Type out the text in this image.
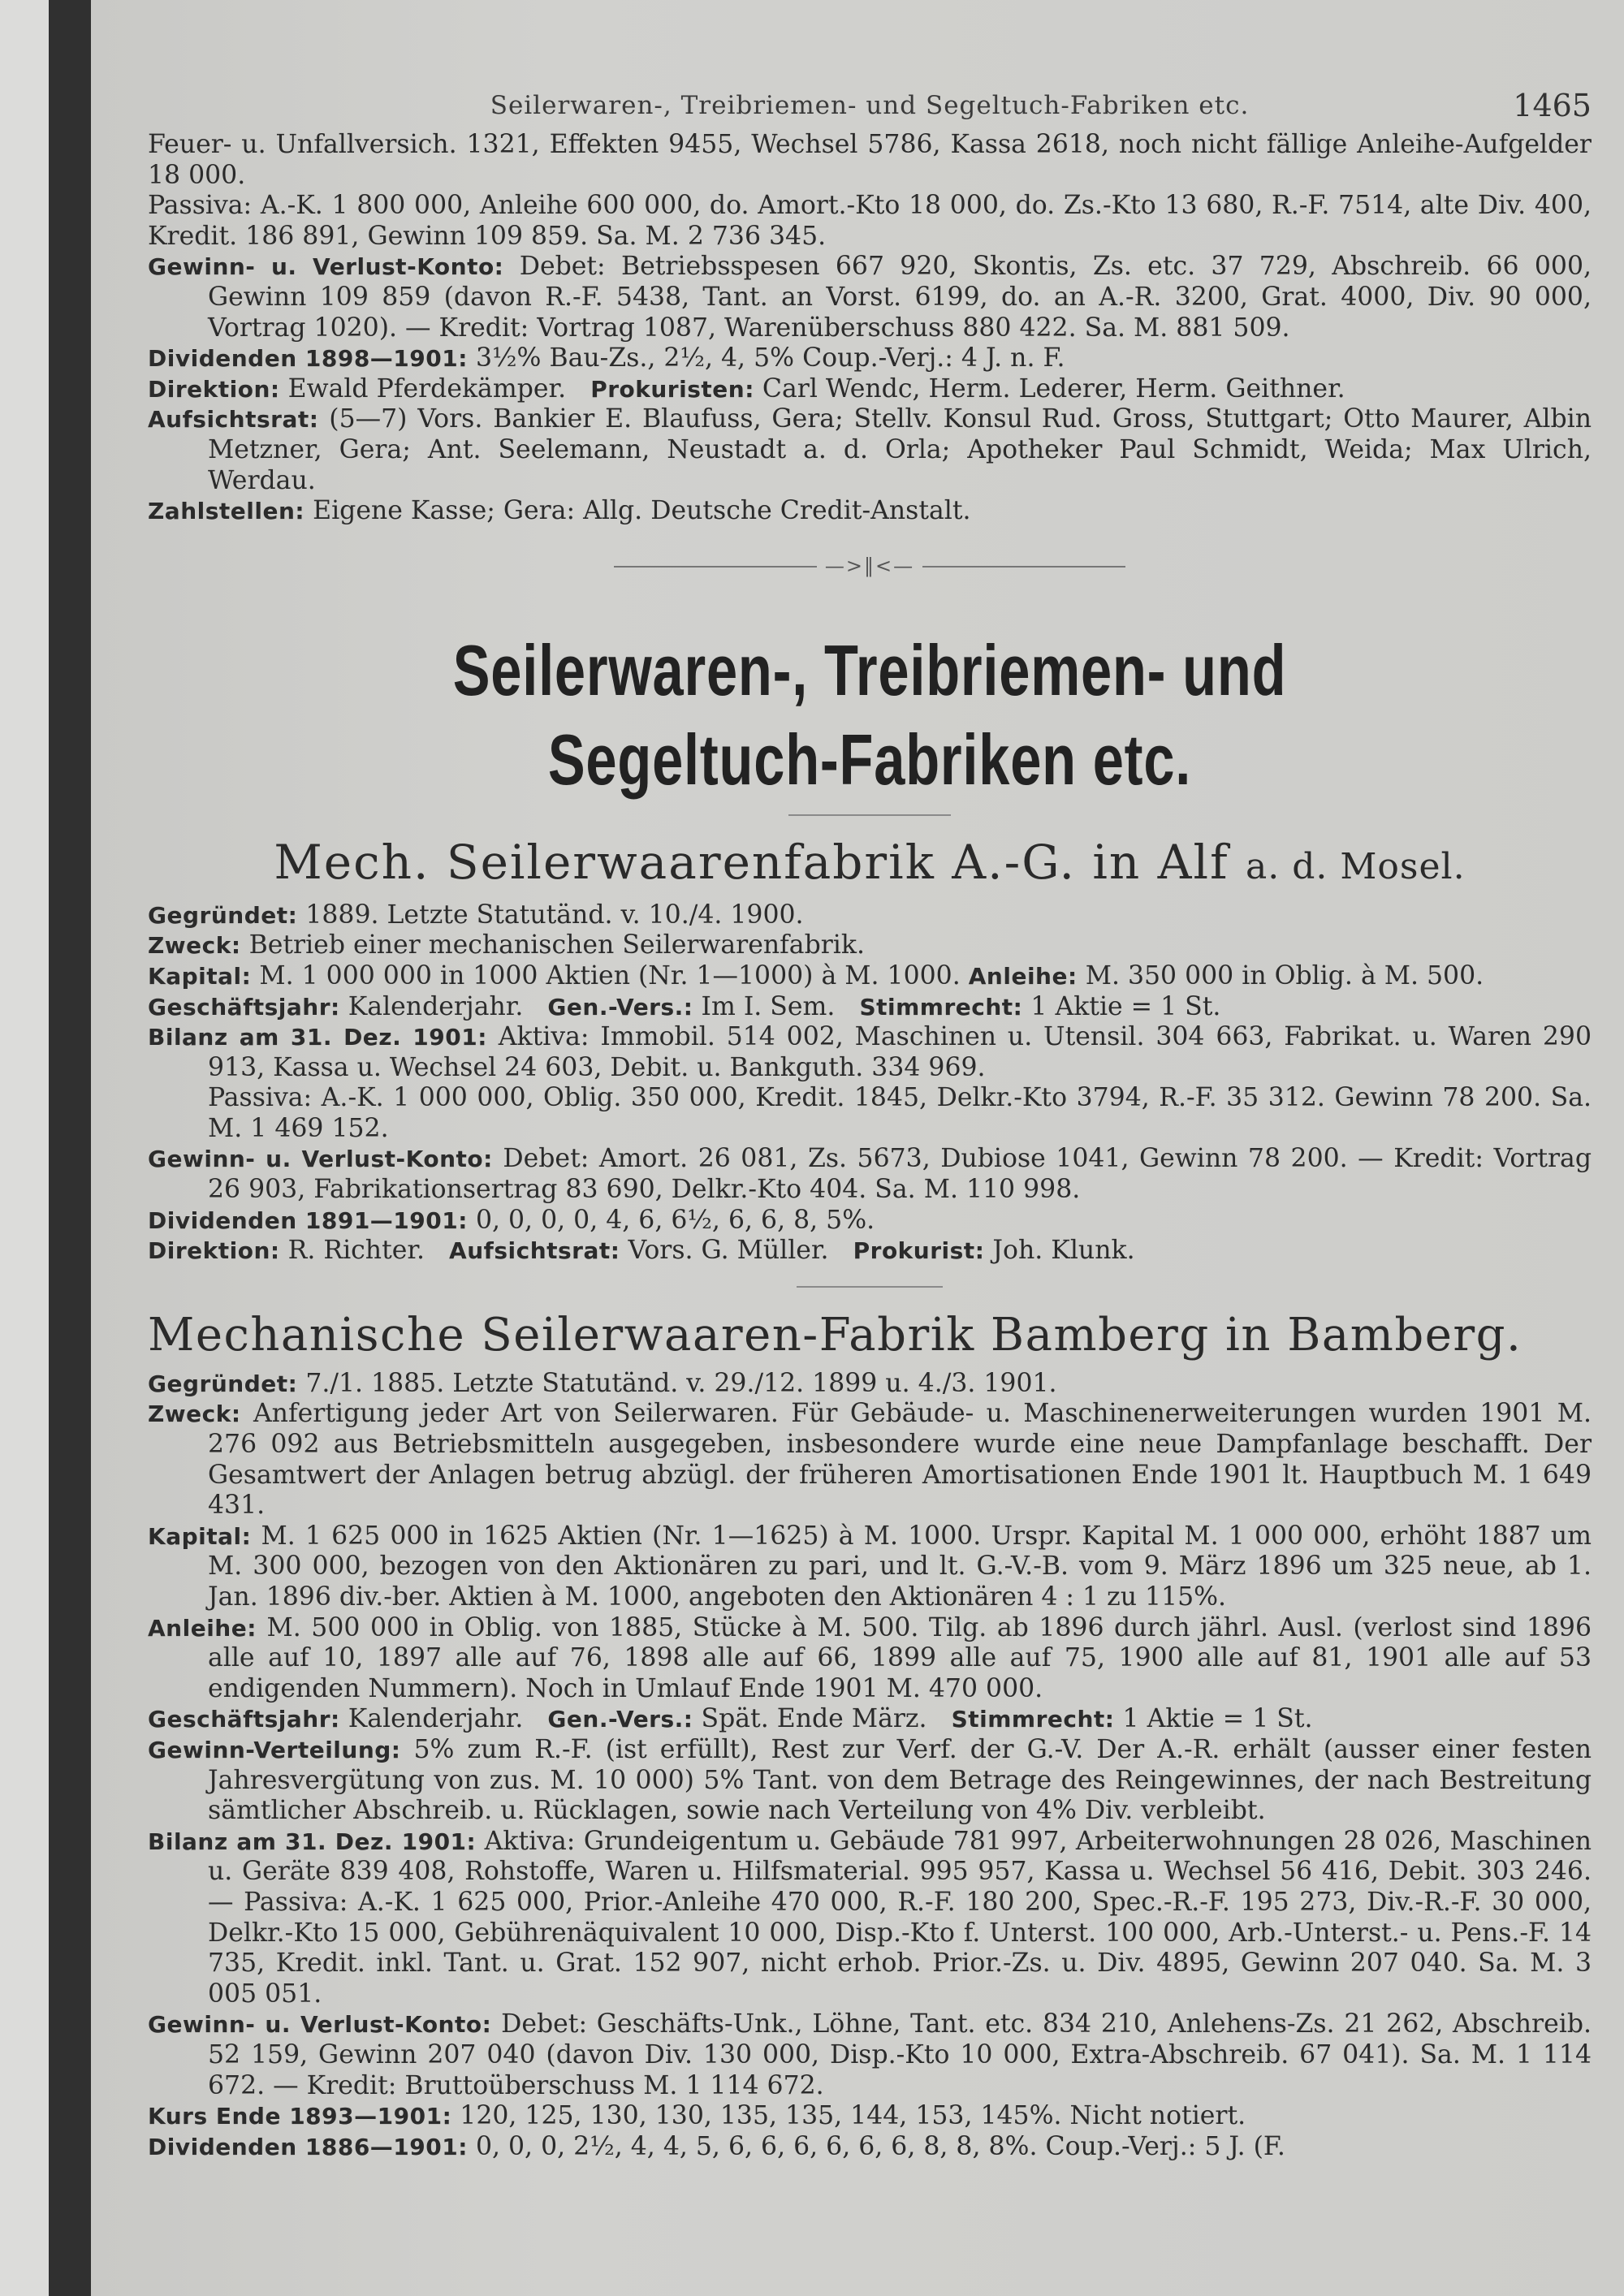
Seilerwaren-, Treibriemen- und Segeltuch-Fabriken etc.	1465

Feuer- u. Unfallversich. 1321, Effekten 9455, Wechsel 5786, Kassa 2618, noch nicht fällige Anleihe-Aufgelder 18 000.

Passiva: A.-K. 1 800 000, Anleihe 600 000, do. Amort.-Kto 18 000, do. Zs.-Kto 13 680, R.-F. 7514, alte Div. 400, Kredit. 186 891, Gewinn 109 859. Sa. M. 2 736 345.

Gewinn- u. Verlust-Konto: Debet: Betriebsspesen 667 920, Skontis, Zs. etc. 37 729, Abschreib. 66 000, Gewinn 109 859 (davon R.-F. 5438, Tant. an Vorst. 6199, do. an A.-R. 3200, Grat. 4000, Div. 90 000, Vortrag 1020). — Kredit: Vortrag 1087, Warenüberschuss 880 422. Sa. M. 881 509.

Dividenden 1898—1901: 3½% Bau-Zs., 2½, 4, 5% Coup.-Verj.: 4 J. n. F.

Direktion: Ewald Pferdekämper. Prokuristen: Carl Wendc, Herm. Lederer, Herm. Geithner.

Aufsichtsrat: (5—7) Vors. Bankier E. Blaufuss, Gera; Stellv. Konsul Rud. Gross, Stuttgart; Otto Maurer, Albin Metzner, Gera; Ant. Seelemann, Neustadt a. d. Orla; Apotheker Paul Schmidt, Weida; Max Ulrich, Werdau.

Zahlstellen: Eigene Kasse; Gera: Allg. Deutsche Credit-Anstalt.

—>‖<—
Seilerwaren-, Treibriemen- und Segeltuch-Fabriken etc.
Mech. Seilerwaarenfabrik A.-G. in Alf a. d. Mosel.

Gegründet: 1889. Letzte Statutänd. v. 10./4. 1900.

Zweck: Betrieb einer mechanischen Seilerwarenfabrik.

Kapital: M. 1 000 000 in 1000 Aktien (Nr. 1—1000) à M. 1000. Anleihe: M. 350 000 in Oblig. à M. 500.

Geschäftsjahr: Kalenderjahr. Gen.-Vers.: Im I. Sem. Stimmrecht: 1 Aktie = 1 St.

Bilanz am 31. Dez. 1901: Aktiva: Immobil. 514 002, Maschinen u. Utensil. 304 663, Fabrikat. u. Waren 290 913, Kassa u. Wechsel 24 603, Debit. u. Bankguth. 334 969.

Passiva: A.-K. 1 000 000, Oblig. 350 000, Kredit. 1845, Delkr.-Kto 3794, R.-F. 35 312. Gewinn 78 200. Sa. M. 1 469 152.

Gewinn- u. Verlust-Konto: Debet: Amort. 26 081, Zs. 5673, Dubiose 1041, Gewinn 78 200. — Kredit: Vortrag 26 903, Fabrikationsertrag 83 690, Delkr.-Kto 404. Sa. M. 110 998.

Dividenden 1891—1901: 0, 0, 0, 0, 4, 6, 6½, 6, 6, 8, 5%.

Direktion: R. Richter. Aufsichtsrat: Vors. G. Müller. Prokurist: Joh. Klunk.

Mechanische Seilerwaaren-Fabrik Bamberg in Bamberg.

Gegründet: 7./1. 1885. Letzte Statutänd. v. 29./12. 1899 u. 4./3. 1901.

Zweck: Anfertigung jeder Art von Seilerwaren. Für Gebäude- u. Maschinenerweiterungen wurden 1901 M. 276 092 aus Betriebsmitteln ausgegeben, insbesondere wurde eine neue Dampfanlage beschafft. Der Gesamtwert der Anlagen betrug abzügl. der früheren Amortisationen Ende 1901 lt. Hauptbuch M. 1 649 431.

Kapital: M. 1 625 000 in 1625 Aktien (Nr. 1—1625) à M. 1000. Urspr. Kapital M. 1 000 000, erhöht 1887 um M. 300 000, bezogen von den Aktionären zu pari, und lt. G.-V.-B. vom 9. März 1896 um 325 neue, ab 1. Jan. 1896 div.-ber. Aktien à M. 1000, angeboten den Aktionären 4 : 1 zu 115%.

Anleihe: M. 500 000 in Oblig. von 1885, Stücke à M. 500. Tilg. ab 1896 durch jährl. Ausl. (verlost sind 1896 alle auf 10, 1897 alle auf 76, 1898 alle auf 66, 1899 alle auf 75, 1900 alle auf 81, 1901 alle auf 53 endigenden Nummern). Noch in Umlauf Ende 1901 M. 470 000.

Geschäftsjahr: Kalenderjahr. Gen.-Vers.: Spät. Ende März. Stimmrecht: 1 Aktie = 1 St.

Gewinn-Verteilung: 5% zum R.-F. (ist erfüllt), Rest zur Verf. der G.-V. Der A.-R. erhält (ausser einer festen Jahresvergütung von zus. M. 10 000) 5% Tant. von dem Betrage des Reingewinnes, der nach Bestreitung sämtlicher Abschreib. u. Rücklagen, sowie nach Verteilung von 4% Div. verbleibt.

Bilanz am 31. Dez. 1901: Aktiva: Grundeigentum u. Gebäude 781 997, Arbeiterwohnungen 28 026, Maschinen u. Geräte 839 408, Rohstoffe, Waren u. Hilfsmaterial. 995 957, Kassa u. Wechsel 56 416, Debit. 303 246. — Passiva: A.-K. 1 625 000, Prior.-Anleihe 470 000, R.-F. 180 200, Spec.-R.-F. 195 273, Div.-R.-F. 30 000, Delkr.-Kto 15 000, Gebührenäquivalent 10 000, Disp.-Kto f. Unterst. 100 000, Arb.-Unterst.- u. Pens.-F. 14 735, Kredit. inkl. Tant. u. Grat. 152 907, nicht erhob. Prior.-Zs. u. Div. 4895, Gewinn 207 040. Sa. M. 3 005 051.

Gewinn- u. Verlust-Konto: Debet: Geschäfts-Unk., Löhne, Tant. etc. 834 210, Anlehens-Zs. 21 262, Abschreib. 52 159, Gewinn 207 040 (davon Div. 130 000, Disp.-Kto 10 000, Extra-Abschreib. 67 041). Sa. M. 1 114 672. — Kredit: Bruttoüberschuss M. 1 114 672.

Kurs Ende 1893—1901: 120, 125, 130, 130, 135, 135, 144, 153, 145%. Nicht notiert.

Dividenden 1886—1901: 0, 0, 0, 2½, 4, 4, 5, 6, 6, 6, 6, 6, 6, 8, 8, 8%. Coup.-Verj.: 5 J. (F.
